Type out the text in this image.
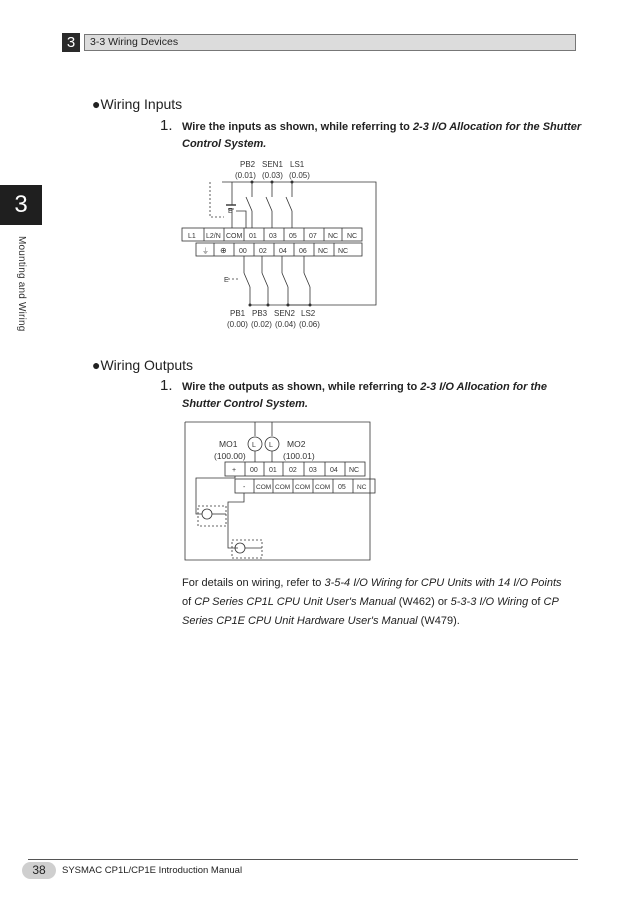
3	3-3 Wiring Devices
3
Mounting and Wiring
●Wiring Inputs
1. Wire the inputs as shown, while referring to 2-3 I/O Allocation for the Shutter Control System.
PB2 SEN1 LS1
(0.01) (0.03) (0.05)
E
E
L1 L2/N COM 01 03 05 07 NC NC
⏚ ⊕ 00 02 04 06 NC NC
PB1 PB3 SEN2 LS2
(0.00) (0.02) (0.04) (0.06)
●Wiring Outputs
1. Wire the outputs as shown, while referring to 2-3 I/O Allocation for the Shutter Control System.
MO1
(100.00)
MO2
(100.01)
L L
+ 00 01 02 03 04 NC
- COM COM COM COM 05 NC
For details on wiring, refer to 3-5-4 I/O Wiring for CPU Units with 14 I/O Points
of CP Series CP1L CPU Unit User's Manual (W462) or 5-3-3 I/O Wiring of CP Series CP1E CPU Unit Hardware User's Manual (W479).
38	SYSMAC CP1L/CP1E Introduction Manual
